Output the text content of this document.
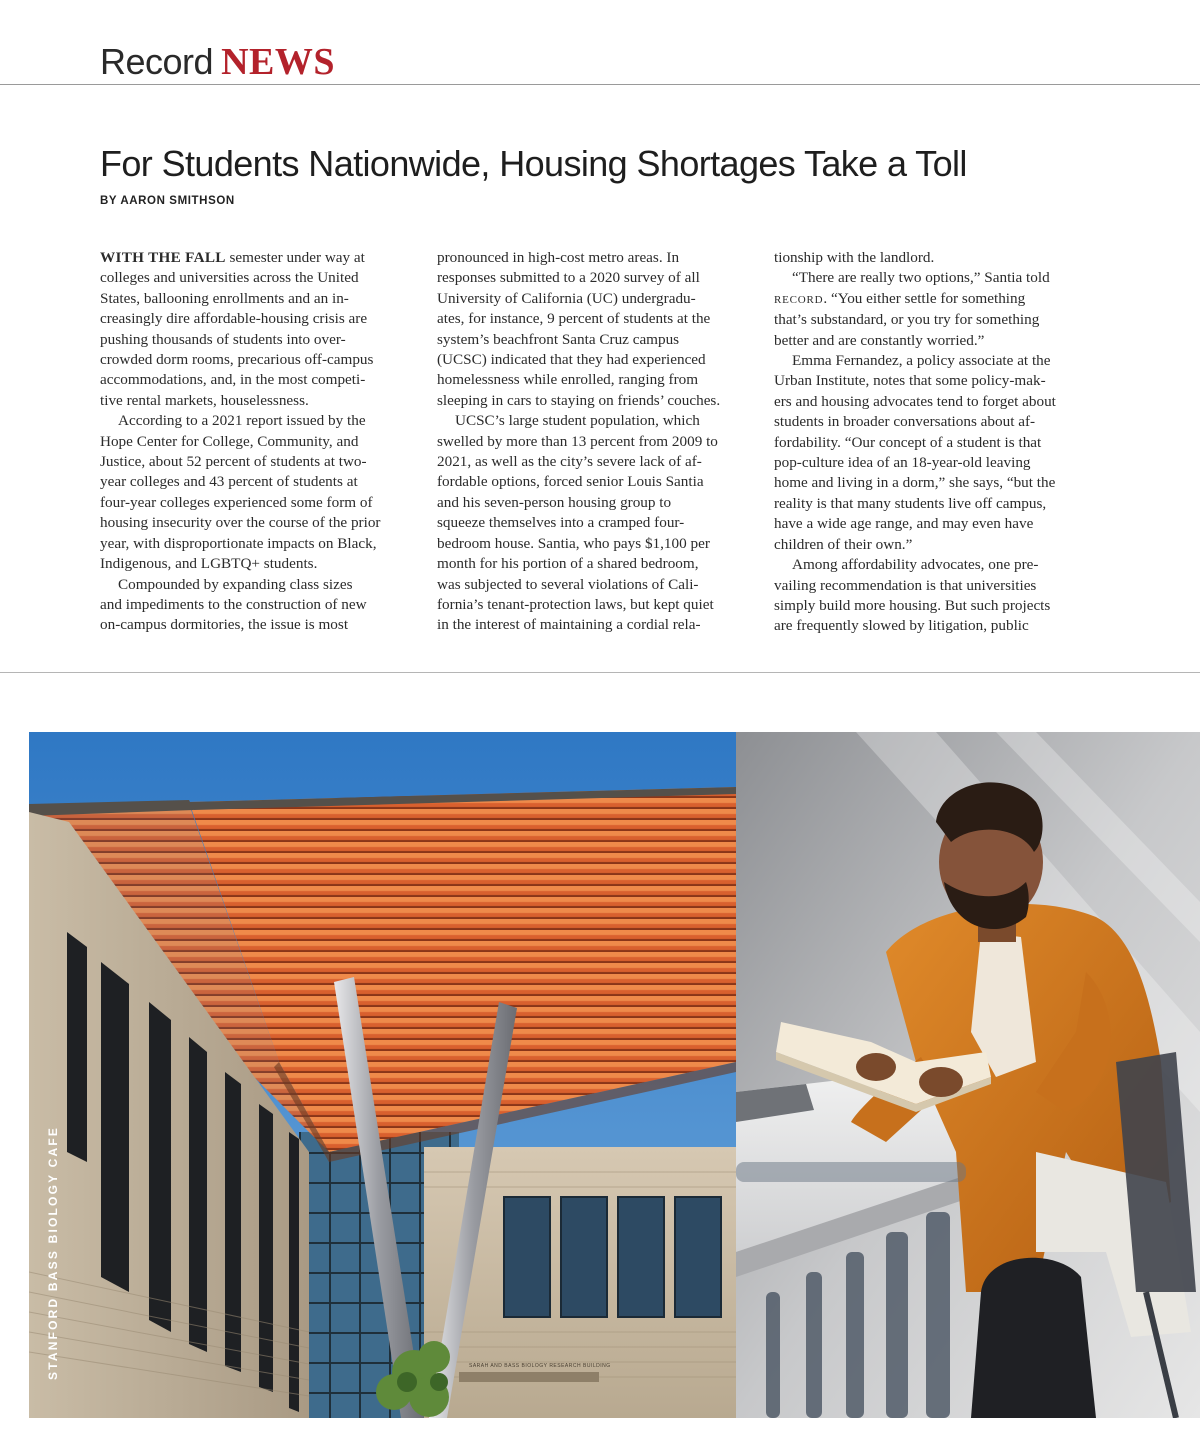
Record NEWS
For Students Nationwide, Housing Shortages Take a Toll

BY AARON SMITHSON

WITH THE FALL semester under way at
colleges and universities across the United
States, ballooning enrollments and an in-
creasingly dire affordable-housing crisis are
pushing thousands of students into over-
crowded dorm rooms, precarious off-campus
accommodations, and, in the most competi-
tive rental markets, houselessness.
According to a 2021 report issued by the
Hope Center for College, Community, and
Justice, about 52 percent of students at two-
year colleges and 43 percent of students at
four-year colleges experienced some form of
housing insecurity over the course of the prior
year, with disproportionate impacts on Black,
Indigenous, and LGBTQ+ students.
Compounded by expanding class sizes
and impediments to the construction of new
on-campus dormitories, the issue is most
pronounced in high-cost metro areas. In
responses submitted to a 2020 survey of all
University of California (UC) undergradu-
ates, for instance, 9 percent of students at the
system’s beachfront Santa Cruz campus
(UCSC) indicated that they had experienced
homelessness while enrolled, ranging from
sleeping in cars to staying on friends’ couches.
UCSC’s large student population, which
swelled by more than 13 percent from 2009 to
2021, as well as the city’s severe lack of af-
fordable options, forced senior Louis Santia
and his seven-person housing group to
squeeze themselves into a cramped four-
bedroom house. Santia, who pays $1,100 per
month for his portion of a shared bedroom,
was subjected to several violations of Cali-
fornia’s tenant-protection laws, but kept quiet
in the interest of maintaining a cordial rela-
tionship with the landlord.
“There are really two options,” Santia told
RECORD. “You either settle for something
that’s substandard, or you try for something
better and are constantly worried.”
Emma Fernandez, a policy associate at the
Urban Institute, notes that some policy-mak-
ers and housing advocates tend to forget about
students in broader conversations about af-
fordability. “Our concept of a student is that
pop-culture idea of an 18-year-old leaving
home and living in a dorm,” she says, “but the
reality is that many students live off campus,
have a wide age range, and may even have
children of their own.”
Among affordability advocates, one pre-
vailing recommendation is that universities
simply build more housing. But such projects
are frequently slowed by litigation, public
SARAH AND BASS BIOLOGY RESEARCH BUILDING
STANFORD BASS BIOLOGY CAFE
